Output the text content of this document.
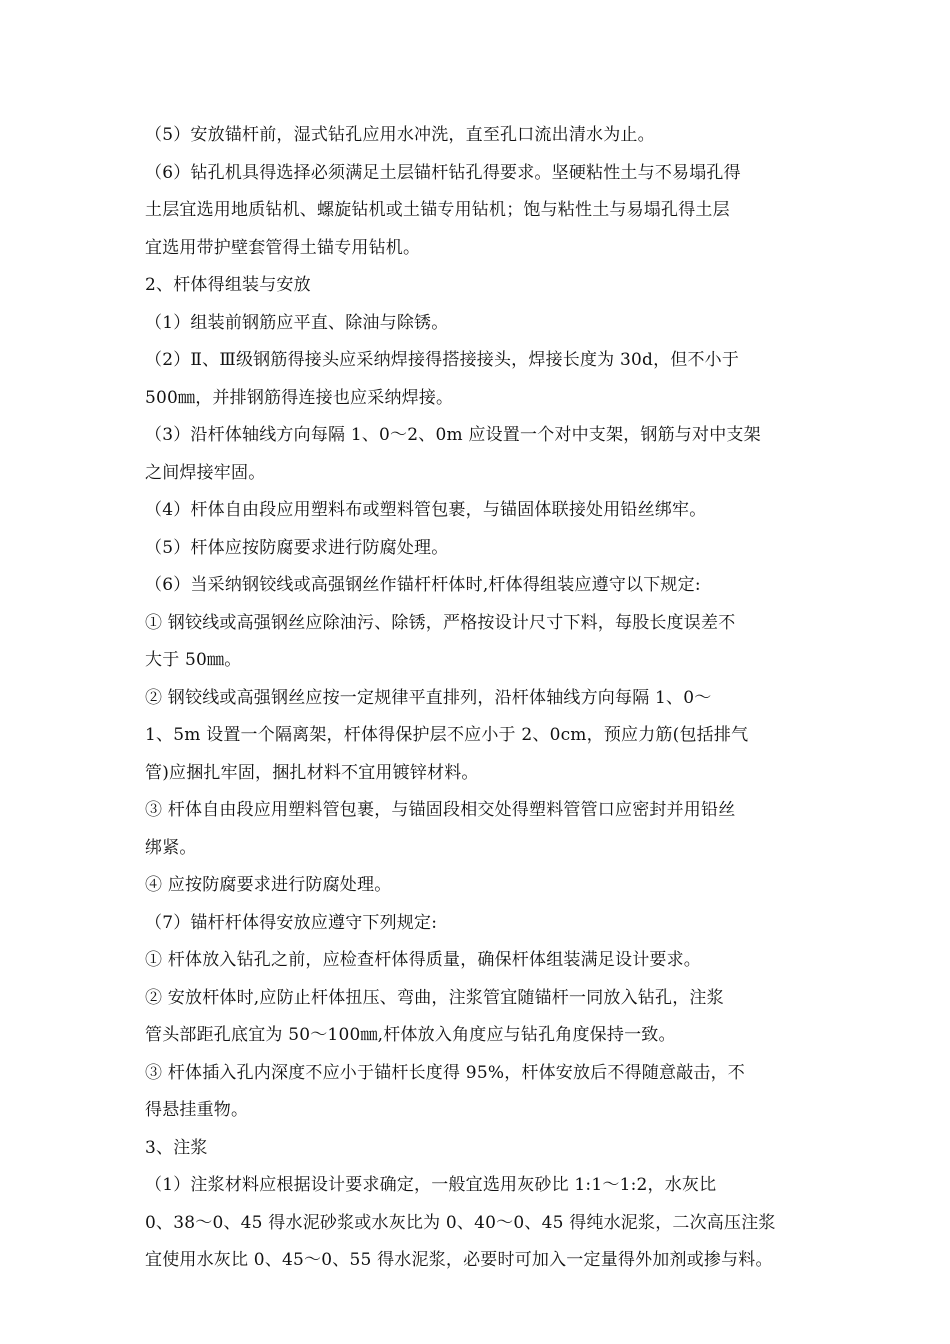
（5）安放锚杆前，湿式钻孔应用水冲洗，直至孔口流出清水为止。
（6）钻孔机具得选择必须满足土层锚杆钻孔得要求。坚硬粘性土与不易塌孔得
土层宜选用地质钻机、螺旋钻机或土锚专用钻机；饱与粘性土与易塌孔得土层
宜选用带护壁套管得土锚专用钻机。
2、杆体得组装与安放
（1）组装前钢筋应平直、除油与除锈。
（2）Ⅱ、Ⅲ级钢筋得接头应采纳焊接得搭接接头，焊接长度为 30d，但不小于
500㎜，并排钢筋得连接也应采纳焊接。
（3）沿杆体轴线方向每隔 1、0～2、0m 应设置一个对中支架，钢筋与对中支架
之间焊接牢固。
（4）杆体自由段应用塑料布或塑料管包裹，与锚固体联接处用铅丝绑牢。
（5）杆体应按防腐要求进行防腐处理。
（6）当采纳钢铰线或高强钢丝作锚杆杆体时,杆体得组装应遵守以下规定:
① 钢铰线或高强钢丝应除油污、除锈，严格按设计尺寸下料，每股长度误差不
大于 50㎜。
② 钢铰线或高强钢丝应按一定规律平直排列，沿杆体轴线方向每隔 1、0～
1、5m 设置一个隔离架，杆体得保护层不应小于 2、0cm，预应力筋(包括排气
管)应捆扎牢固，捆扎材料不宜用镀锌材料。
③ 杆体自由段应用塑料管包裹，与锚固段相交处得塑料管管口应密封并用铅丝
绑紧。
④ 应按防腐要求进行防腐处理。
（7）锚杆杆体得安放应遵守下列规定:
① 杆体放入钻孔之前，应检查杆体得质量，确保杆体组装满足设计要求。
② 安放杆体时,应防止杆体扭压、弯曲，注浆管宜随锚杆一同放入钻孔，注浆
管头部距孔底宜为 50～100㎜,杆体放入角度应与钻孔角度保持一致。
③ 杆体插入孔内深度不应小于锚杆长度得 95%，杆体安放后不得随意敲击，不
得悬挂重物。
3、注浆
（1）注浆材料应根据设计要求确定，一般宜选用灰砂比 1:1～1:2，水灰比
0、38～0、45 得水泥砂浆或水灰比为 0、40～0、45 得纯水泥浆，二次高压注浆
宜使用水灰比 0、45～0、55 得水泥浆，必要时可加入一定量得外加剂或掺与料。
